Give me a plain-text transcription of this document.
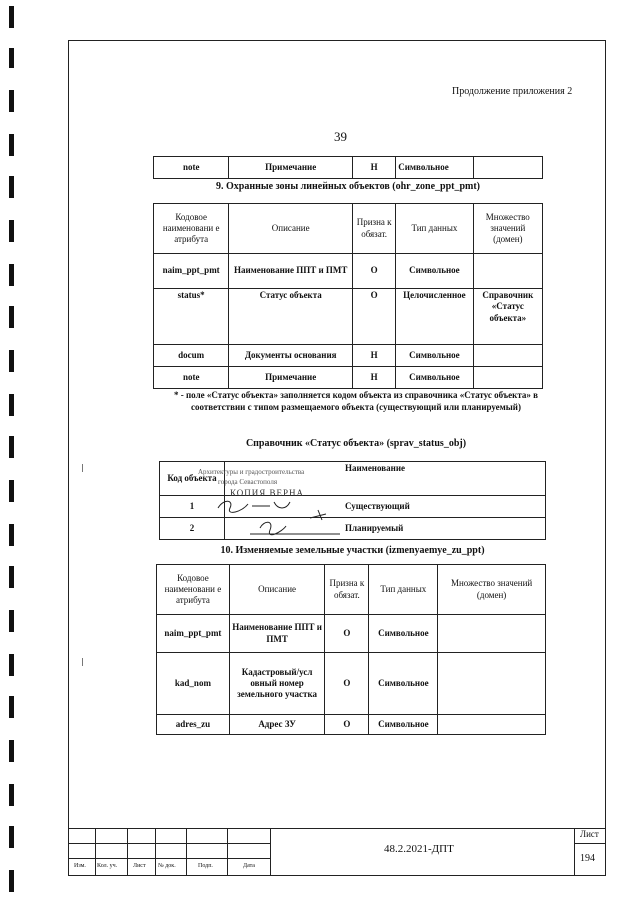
Продолжение приложения 2
39
note	Примечание	Н	Символьное	
9. Охранные зоны линейных объектов (ohr_zone_ppt_pmt)
Кодовое наименовани е атрибута	Описание	Призна к обязат.	Тип данных	Множество значений (домен)
naim_ppt_pmt	Наименование ППТ и ПМТ	О	Символьное	
status*	Статус объекта	О	Целочисленное	Справочник «Статус объекта»
docum	Документы основания	Н	Символьное	
note	Примечание	Н	Символьное	
* - поле «Статус объекта» заполняется кодом объекта из справочника «Статус объекта» в соответствии с типом размещаемого объекта (существующий или планируемый)
Справочник «Статус объекта» (sprav_status_obj)
Код объекта	Наименование
1	Существующий
2	Планируемый
Архитектуры и градостроительства
города Севастополя
КОПИЯ ВЕРНА
10. Изменяемые земельные участки (izmenyaemye_zu_ppt)
Кодовое наименовани е атрибута	Описание	Призна к обязат.	Тип данных	Множество значений (домен)
naim_ppt_pmt	Наименование ППТ и ПМТ	О	Символьное	
kad_nom	Кадастровый/усл овный номер земельного участка	О	Символьное	
adres_zu	Адрес ЗУ	О	Символьное	
Изм. Кол. уч.	Лист № док.	Подп.	Дата
48.2.2021-ДПТ
Лист
194
